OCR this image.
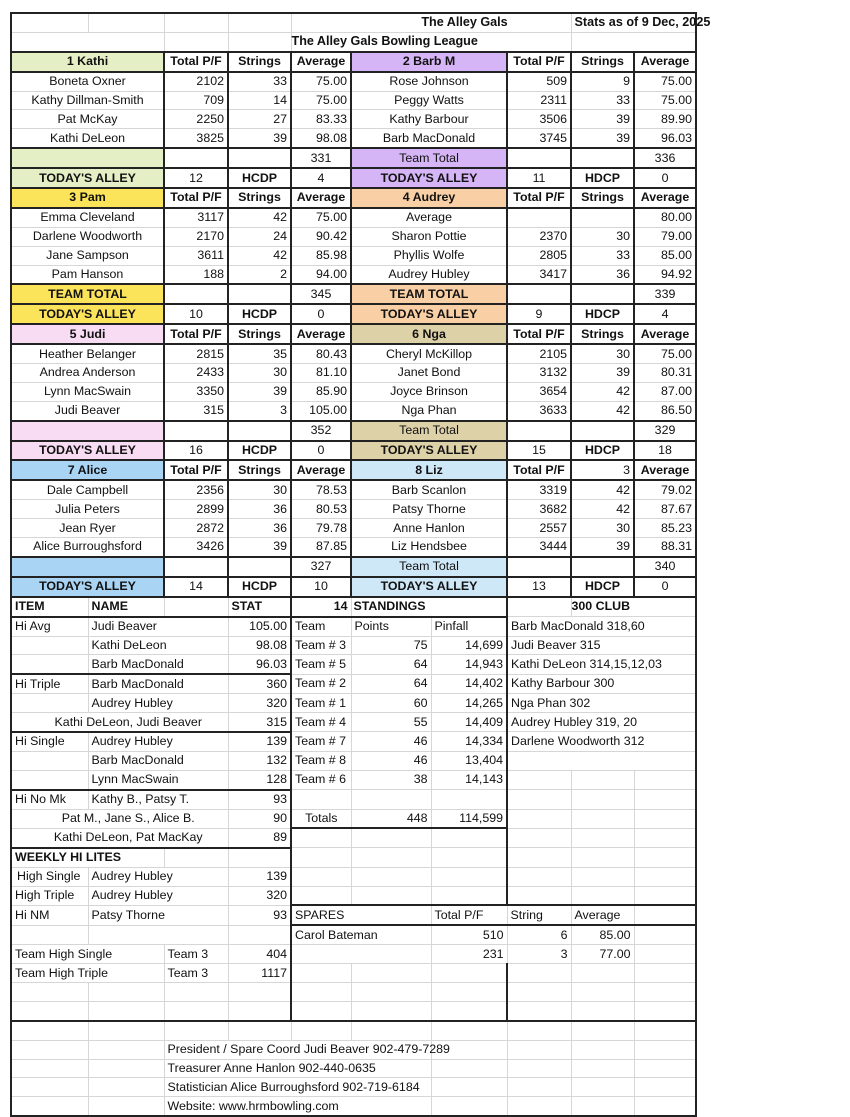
				The Alley Gals				Stats as of 9 Dec, 2025	
				The Alley Gals Bowling League					
1 Kathi		Total P/F	Strings	Average	2 Barb M		Total P/F	Strings	Average
Boneta Oxner		2102	33	75.00	Rose Johnson		509	9	75.00
Kathy Dillman-Smith		709	14	75.00	Peggy Watts		2311	33	75.00
Pat McKay		2250	27	83.33	Kathy Barbour		3506	39	89.90
Kathi DeLeon		3825	39	98.08	Barb MacDonald		3745	39	96.03
				331	Team Total				336
TODAY'S ALLEY		12	HCDP	4	TODAY'S ALLEY		11	HDCP	0
3 Pam		Total P/F	Strings	Average	4 Audrey		Total P/F	Strings	Average
Emma Cleveland		3117	42	75.00	Average				80.00
Darlene Woodworth		2170	24	90.42	Sharon Pottie		2370	30	79.00
Jane Sampson		3611	42	85.98	Phyllis Wolfe		2805	33	85.00
Pam Hanson		188	2	94.00	Audrey Hubley		3417	36	94.92
TEAM TOTAL				345	TEAM TOTAL				339
TODAY'S ALLEY		10	HCDP	0	TODAY'S ALLEY		9	HDCP	4
5 Judi		Total P/F	Strings	Average	6 Nga		Total P/F	Strings	Average
Heather Belanger		2815	35	80.43	Cheryl McKillop		2105	30	75.00
Andrea Anderson		2433	30	81.10	Janet Bond		3132	39	80.31
Lynn MacSwain		3350	39	85.90	Joyce Brinson		3654	42	87.00
Judi Beaver		315	3	105.00	Nga Phan		3633	42	86.50
				352	Team Total				329
TODAY'S ALLEY		16	HCDP	0	TODAY'S ALLEY		15	HDCP	18
7 Alice		Total P/F	Strings	Average	8 Liz		Total P/F	3	Average
Dale Campbell		2356	30	78.53	Barb Scanlon		3319	42	79.02
Julia Peters		2899	36	80.53	Patsy Thorne		3682	42	87.67
Jean Ryer		2872	36	79.78	Anne Hanlon		2557	30	85.23
Alice Burroughsford		3426	39	87.85	Liz Hendsbee		3444	39	88.31
				327	Team Total				340
TODAY'S ALLEY		14	HCDP	10	TODAY'S ALLEY		13	HDCP	0
ITEM	NAME		STAT	14	STANDINGS			300 CLUB	
Hi Avg	Judi Beaver		105.00	Team	Points	Pinfall	Barb MacDonald 318,60		
	Kathi DeLeon		98.08	Team # 3	75	14,699	Judi Beaver 315		
	Barb MacDonald		96.03	Team # 5	64	14,943	Kathi DeLeon 314,15,12,03		
Hi Triple	Barb MacDonald		360	Team # 2	64	14,402	Kathy Barbour 300		
	Audrey Hubley		320	Team # 1	60	14,265	Nga Phan 302		
Kathi DeLeon, Judi Beaver			315	Team # 4	55	14,409	Audrey Hubley 319, 20		
Hi Single	Audrey Hubley		139	Team # 7	46	14,334	Darlene Woodworth 312		
	Barb MacDonald		132	Team # 8	46	13,404			
	Lynn MacSwain		128	Team # 6	38	14,143			
Hi No Mk	Kathy B., Patsy T.		93						
Pat M., Jane S., Alice B.			90	Totals	448	114,599			
Kathi DeLeon, Pat MacKay			89						
WEEKLY HI LITES									
High Single	Audrey Hubley		139						
High Triple	Audrey Hubley		320						
Hi NM	Patsy Thorne		93	SPARES		Total P/F	String	Average	
				Carol Bateman		510	6	85.00	
Team High Single		Team 3	404			231	3	77.00	
Team High Triple		Team 3	1117						

		President / Spare Coord Judi Beaver 902-479-7289							
		Treasurer Anne Hanlon 902-440-0635							
		Statistician Alice Burroughsford 902-719-6184							
		Website: www.hrmbowling.com							
